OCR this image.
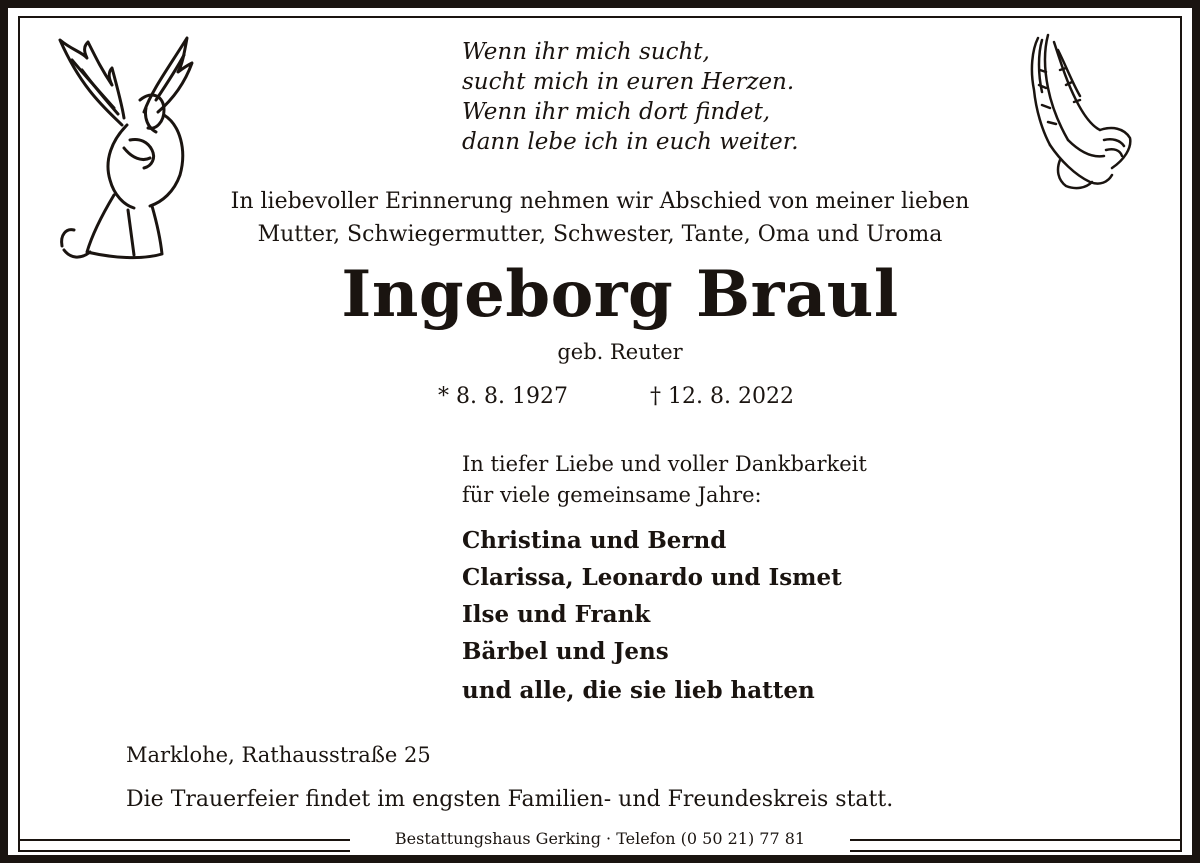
Wenn ihr mich sucht,
sucht mich in euren Herzen.
Wenn ihr mich dort findet,
dann lebe ich in euch weiter.
In liebevoller Erinnerung nehmen wir Abschied von meiner lieben
Mutter, Schwiegermutter, Schwester, Tante, Oma und Uroma
Ingeborg Braul
geb. Reuter
* 8. 8. 1927	† 12. 8. 2022
In tiefer Liebe und voller Dankbarkeit
für viele gemeinsame Jahre:
Christina und Bernd
Clarissa, Leonardo und Ismet
Ilse und Frank
Bärbel und Jens
und alle, die sie lieb hatten
Marklohe, Rathausstraße 25
Die Trauerfeier findet im engsten Familien- und Freundeskreis statt.
Bestattungshaus Gerking · Telefon (0 50 21) 77 81
